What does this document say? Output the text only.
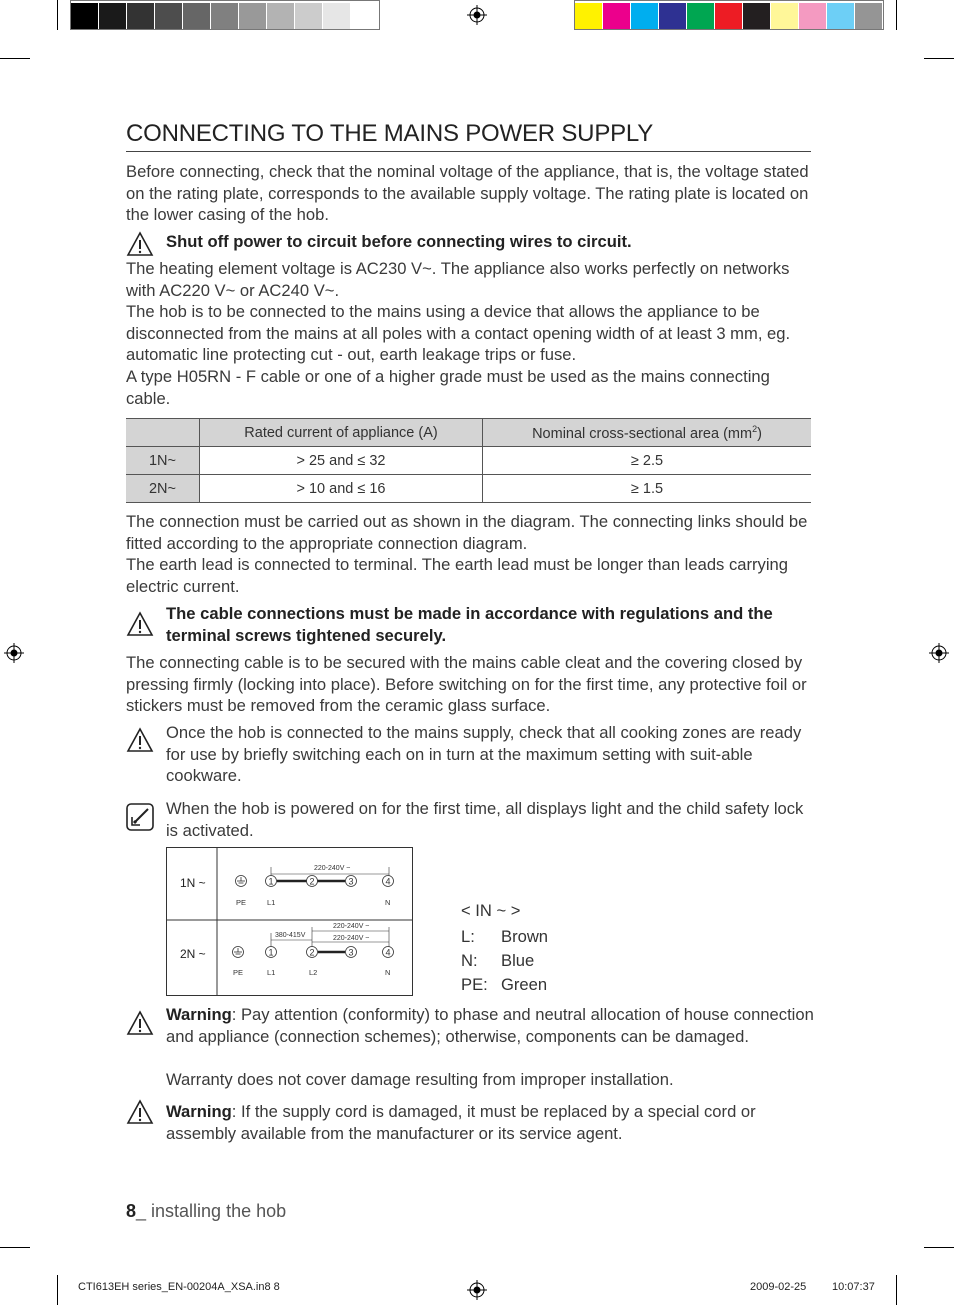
CONNECTING TO THE MAINS POWER SUPPLY
Before connecting, check that the nominal voltage of the appliance, that is, the voltage stated on the rating plate, corresponds to the available supply voltage. The rating plate is located on the lower casing of the hob.
Shut off power to circuit before connecting wires to circuit.
The heating element voltage is AC230 V~. The appliance also works perfectly on networks with AC220 V~ or AC240 V~.
The hob is to be connected to the mains using a device that allows the appliance to be disconnected from the mains at all poles with a contact opening width of at least 3 mm, eg. automatic line protecting cut - out, earth leakage trips or fuse.
A type H05RN - F cable or one of a higher grade must be used as the mains connecting cable.
	Rated current of appliance (A)	Nominal cross-sectional area $(mm^2)$
1N~	> 25 and ≤ 32	≥ 2.5
2N~	> 10 and ≤ 16	≥ 1.5
The connection must be carried out as shown in the diagram. The connecting links should be fitted according to the appropriate connection diagram.
The earth lead is connected to terminal. The earth lead must be longer than leads carrying electric current.
The cable connections must be made in accordance with regulations and the terminal screws tightened securely.
The connecting cable is to be secured with the mains cable cleat and the covering closed by pressing firmly (locking into place). Before switching on for the first time, any protective foil or stickers must be removed from the ceramic glass surface.
Once the hob is connected to the mains supply, check that all cooking zones are ready for use by briefly switching each on in turn at the maximum setting with suit-able cookware.
When the hob is powered on for the first time, all displays light and the child safety lock is activated.
1N ~
2N ~
220-240V ~
1	2	3	4
PE	L1	N
220-240V ~
220-240V ~
380-415V
1	2	3	4
PE	L1	L2	N
< IN ~ >
L: Brown
N: Blue
PE: Green
Warning: Pay attention (conformity) to phase and neutral allocation of house connection and appliance (connection schemes); otherwise, components can be damaged.
Warranty does not cover damage resulting from improper installation.
Warning: If the supply cord is damaged, it must be replaced by a special cord or assembly available from the manufacturer or its service agent.
8_ installing the hob
CTI613EH series_EN-00204A_XSA.in8 8	2009-02-25 10:07:37
